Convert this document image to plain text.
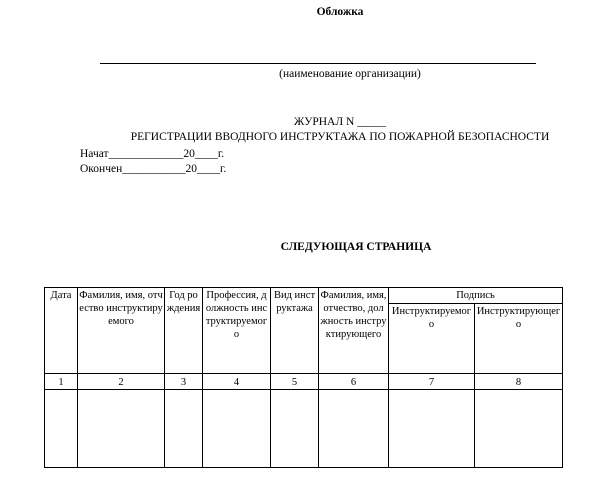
Обложка
(наименование организации)
ЖУРНАЛ N _____
РЕГИСТРАЦИИ ВВОДНОГО ИНСТРУКТАЖА ПО ПОЖАРНОЙ БЕЗОПАСНОСТИ
Начат_____________20____г.
Окончен___________20____г.
СЛЕДУЮЩАЯ СТРАНИЦА
Дата	Фамилия, имя, отчество инструктируемого	Год рождения	Профессия, должность инструктируемого	Вид инструктажа	Фамилия, имя, отчество, должность инструктирующего	Подпись	
						Инструктируемого	Инструктирующего
1	2	3	4	5	6	7	8
